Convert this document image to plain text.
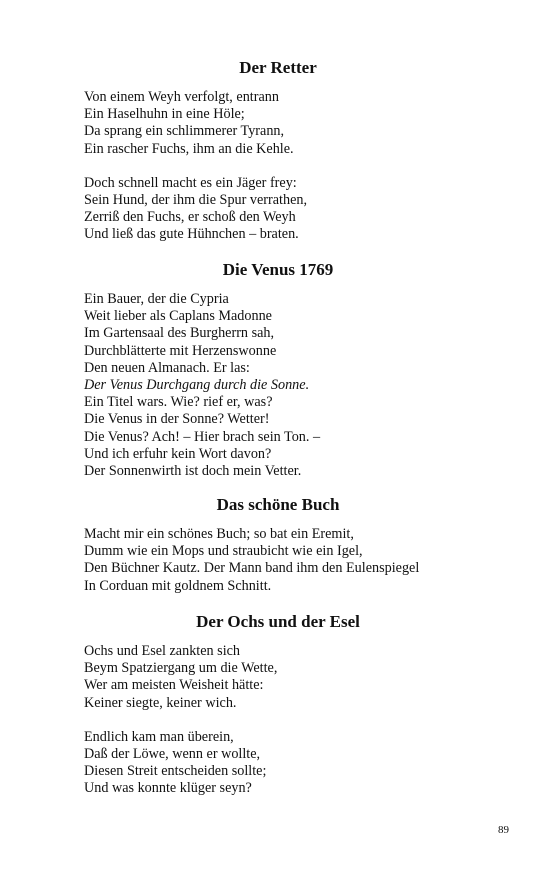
Der Retter
Von einem Weyh verfolgt, entrann
Ein Haselhuhn in eine Höle;
Da sprang ein schlimmerer Tyrann,
Ein rascher Fuchs, ihm an die Kehle.
Doch schnell macht es ein Jäger frey:
Sein Hund, der ihm die Spur verrathen,
Zerriß den Fuchs, er schoß den Weyh
Und ließ das gute Hühnchen – braten.
Die Venus 1769
Ein Bauer, der die Cypria
Weit lieber als Caplans Madonne
Im Gartensaal des Burgherrn sah,
Durchblätterte mit Herzenswonne
Den neuen Almanach. Er las:
Der Venus Durchgang durch die Sonne.
Ein Titel wars. Wie? rief er, was?
Die Venus in der Sonne? Wetter!
Die Venus? Ach! – Hier brach sein Ton. –
Und ich erfuhr kein Wort davon?
Der Sonnenwirth ist doch mein Vetter.
Das schöne Buch
Macht mir ein schönes Buch; so bat ein Eremit,
Dumm wie ein Mops und straubicht wie ein Igel,
Den Büchner Kautz. Der Mann band ihm den Eulenspiegel
In Corduan mit goldnem Schnitt.
Der Ochs und der Esel
Ochs und Esel zankten sich
Beym Spatziergang um die Wette,
Wer am meisten Weisheit hätte:
Keiner siegte, keiner wich.
Endlich kam man überein,
Daß der Löwe, wenn er wollte,
Diesen Streit entscheiden sollte;
Und was konnte klüger seyn?
89
